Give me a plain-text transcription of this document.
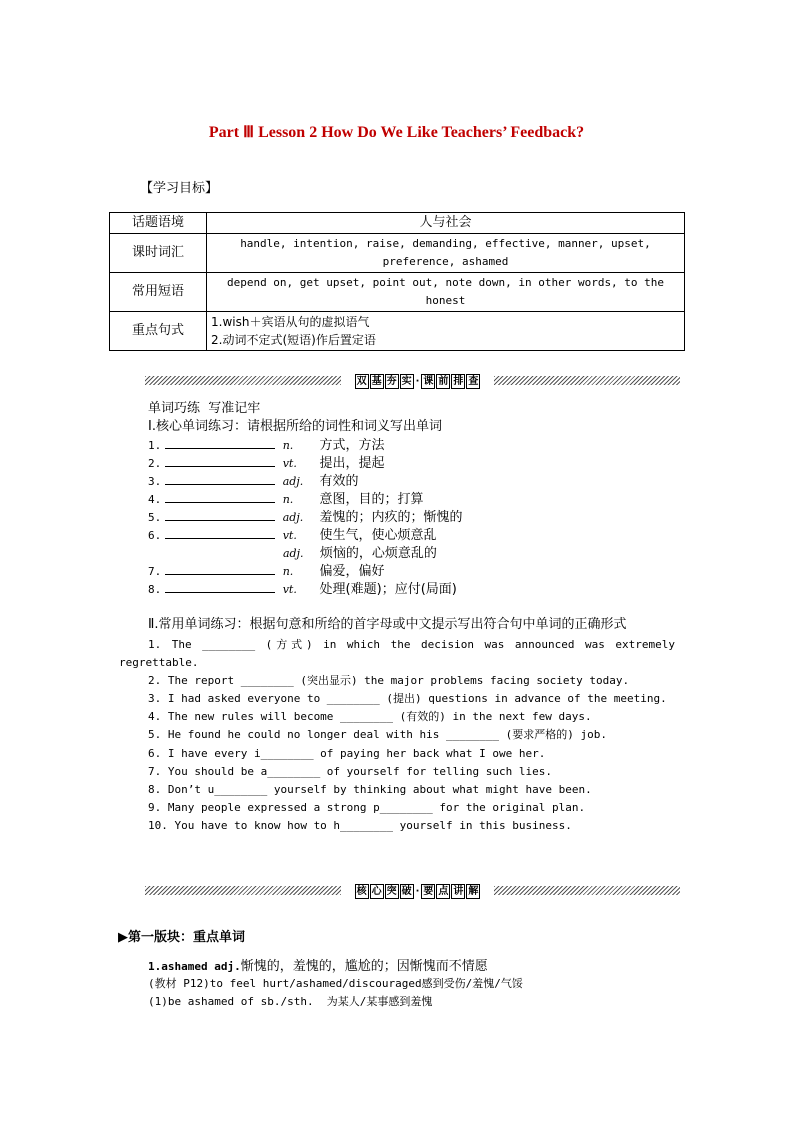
Part Ⅲ Lesson 2 How Do We Like Teachers’ Feedback?
【学习目标】
话题语境	人与社会
课时词汇	handle, intention, raise, demanding, effective, manner, upset, preference, ashamed
常用短语	depend on, get upset, point out, note down, in other words, to the honest
重点句式	1.wish＋宾语从句的虚拟语气
2.动词不定式(短语)作后置定语
双 基 夯 实 · 课 前 排 查
单词巧练  写准记牢
Ⅰ.核心单词练习：请根据所给的词性和词义写出单词
1.	n. 方式，方法
2.	vt. 提出，提起
3.	adj. 有效的
4.	n. 意图，目的；打算
5.	adj. 羞愧的；内疚的；惭愧的
6.	vt. 使生气，使心烦意乱
adj. 烦恼的，心烦意乱的
7.	n. 偏爱，偏好
8.	vt. 处理(难题)；应付(局面)
Ⅱ.常用单词练习：根据句意和所给的首字母或中文提示写出符合句中单词的正确形式
1. The ________ (方式) in which the decision was announced was extremely
regrettable.
2. The report ________ (突出显示) the major problems facing society today.
3. I had asked everyone to ________ (提出) questions in advance of the meeting.
4. The new rules will become ________ (有效的) in the next few days.
5. He found he could no longer deal with his ________ (要求严格的) job.
6. I have every i________ of paying her back what I owe her.
7. You should be a________ of yourself for telling such lies.
8. Don’t u________ yourself by thinking about what might have been.
9. Many people expressed a strong p________ for the original plan.
10. You have to know how to h________ yourself in this business.
核 心 突 破 · 要 点 讲 解
▶第一版块：重点单词
1.ashamed adj.惭愧的，羞愧的，尴尬的；因惭愧而不情愿
(教材 P12)to feel hurt/ashamed/discouraged感到受伤/羞愧/气馁
(1)be ashamed of sb./sth.  为某人/某事感到羞愧
